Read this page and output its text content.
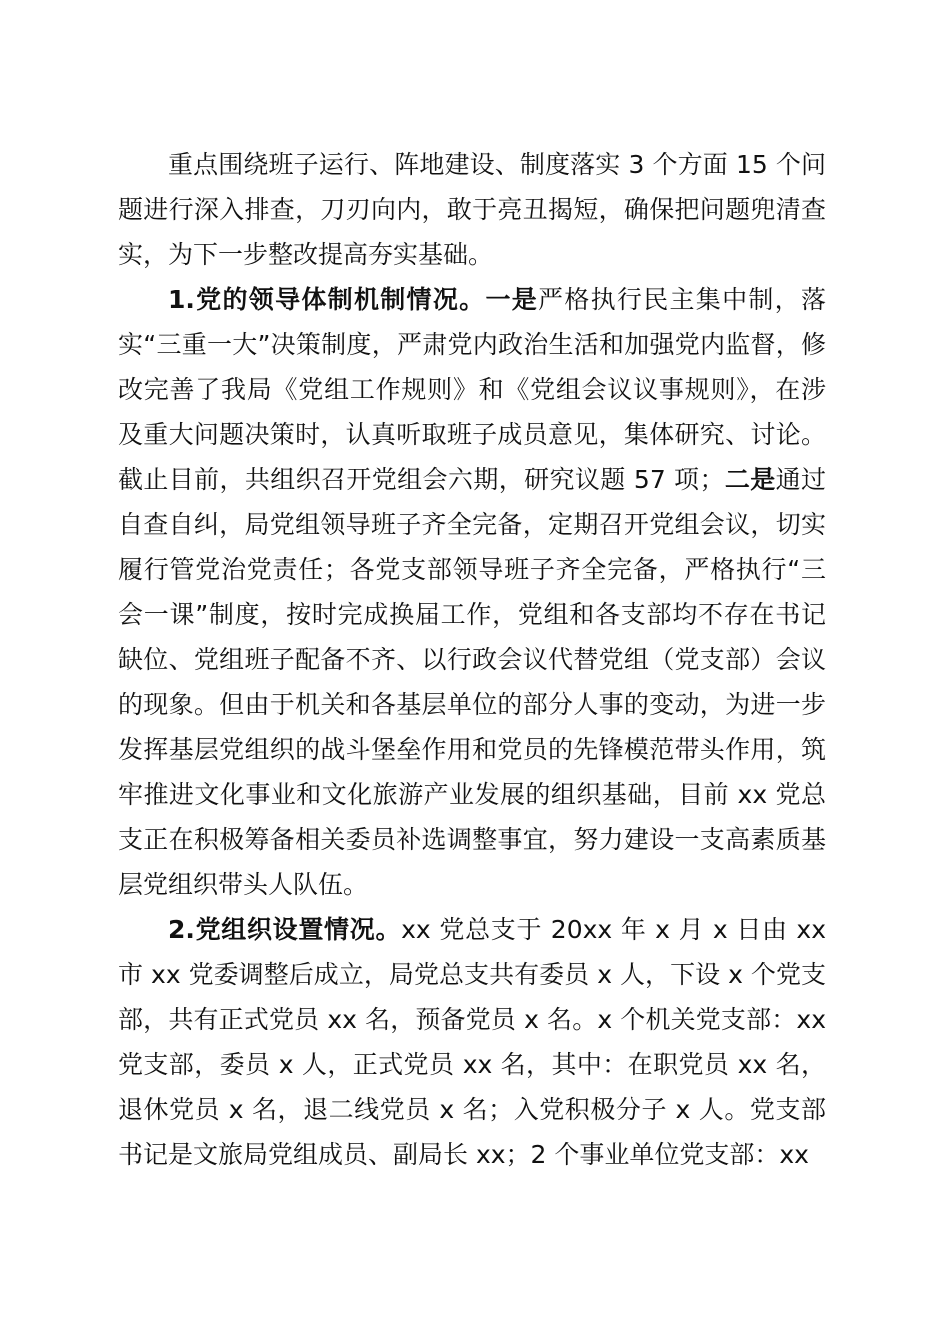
重点围绕班子运行、阵地建设、制度落实 3 个方面 15 个问题进行深入排查，刀刃向内，敢于亮丑揭短，确保把问题兜清查实，为下一步整改提高夯实基础。

1.党的领导体制机制情况。一是严格执行民主集中制，落实“三重一大”决策制度，严肃党内政治生活和加强党内监督，修改完善了我局《党组工作规则》和《党组会议议事规则》，在涉及重大问题决策时，认真听取班子成员意见，集体研究、讨论。截止目前，共组织召开党组会六期，研究议题 57 项；二是通过自查自纠，局党组领导班子齐全完备，定期召开党组会议，切实履行管党治党责任；各党支部领导班子齐全完备，严格执行“三会一课”制度，按时完成换届工作，党组和各支部均不存在书记缺位、党组班子配备不齐、以行政会议代替党组（党支部）会议的现象。但由于机关和各基层单位的部分人事的变动，为进一步发挥基层党组织的战斗堡垒作用和党员的先锋模范带头作用，筑牢推进文化事业和文化旅游产业发展的组织基础，目前 xx 党总支正在积极筹备相关委员补选调整事宜，努力建设一支高素质基层党组织带头人队伍。

2.党组织设置情况。xx 党总支于 20xx 年 x 月 x 日由 xx 市 xx 党委调整后成立，局党总支共有委员 x 人，下设 x 个党支部，共有正式党员 xx 名，预备党员 x 名。x 个机关党支部：xx 党支部，委员 x 人，正式党员 xx 名，其中：在职党员 xx 名，退休党员 x 名，退二线党员 x 名；入党积极分子 x 人。党支部书记是文旅局党组成员、副局长 xx；2 个事业单位党支部：xx
